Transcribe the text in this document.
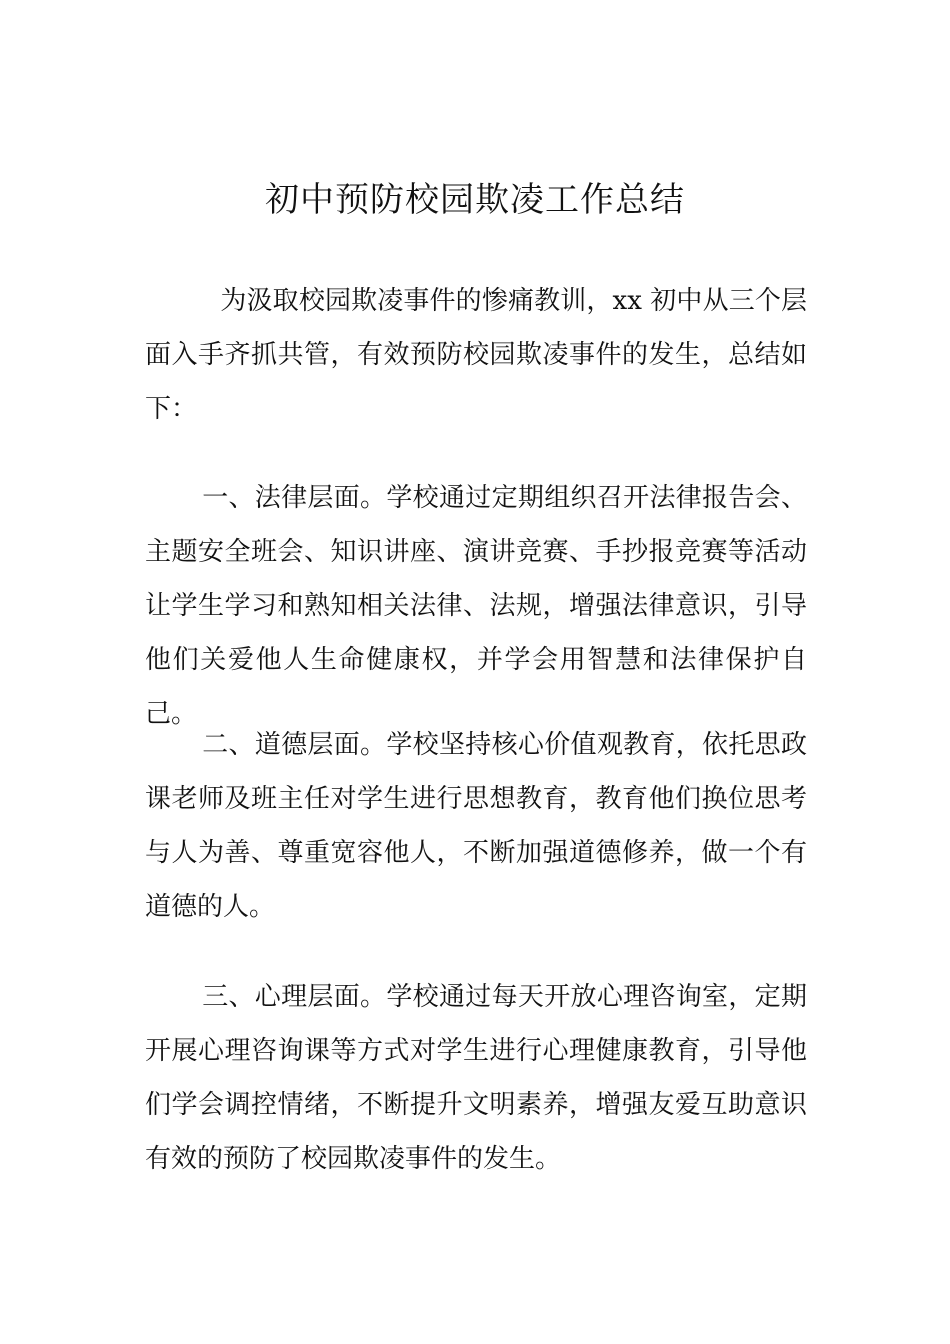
初中预防校园欺凌工作总结

为汲取校园欺凌事件的惨痛教训，xx 初中从三个层面入手齐抓共管，有效预防校园欺凌事件的发生，总结如下：

一、法律层面。学校通过定期组织召开法律报告会、主题安全班会、知识讲座、演讲竞赛、手抄报竞赛等活动让学生学习和熟知相关法律、法规，增强法律意识，引导他们关爱他人生命健康权，并学会用智慧和法律保护自己。

二、道德层面。学校坚持核心价值观教育，依托思政课老师及班主任对学生进行思想教育，教育他们换位思考与人为善、尊重宽容他人，不断加强道德修养，做一个有道德的人。

三、心理层面。学校通过每天开放心理咨询室，定期开展心理咨询课等方式对学生进行心理健康教育，引导他们学会调控情绪，不断提升文明素养，增强友爱互助意识有效的预防了校园欺凌事件的发生。
